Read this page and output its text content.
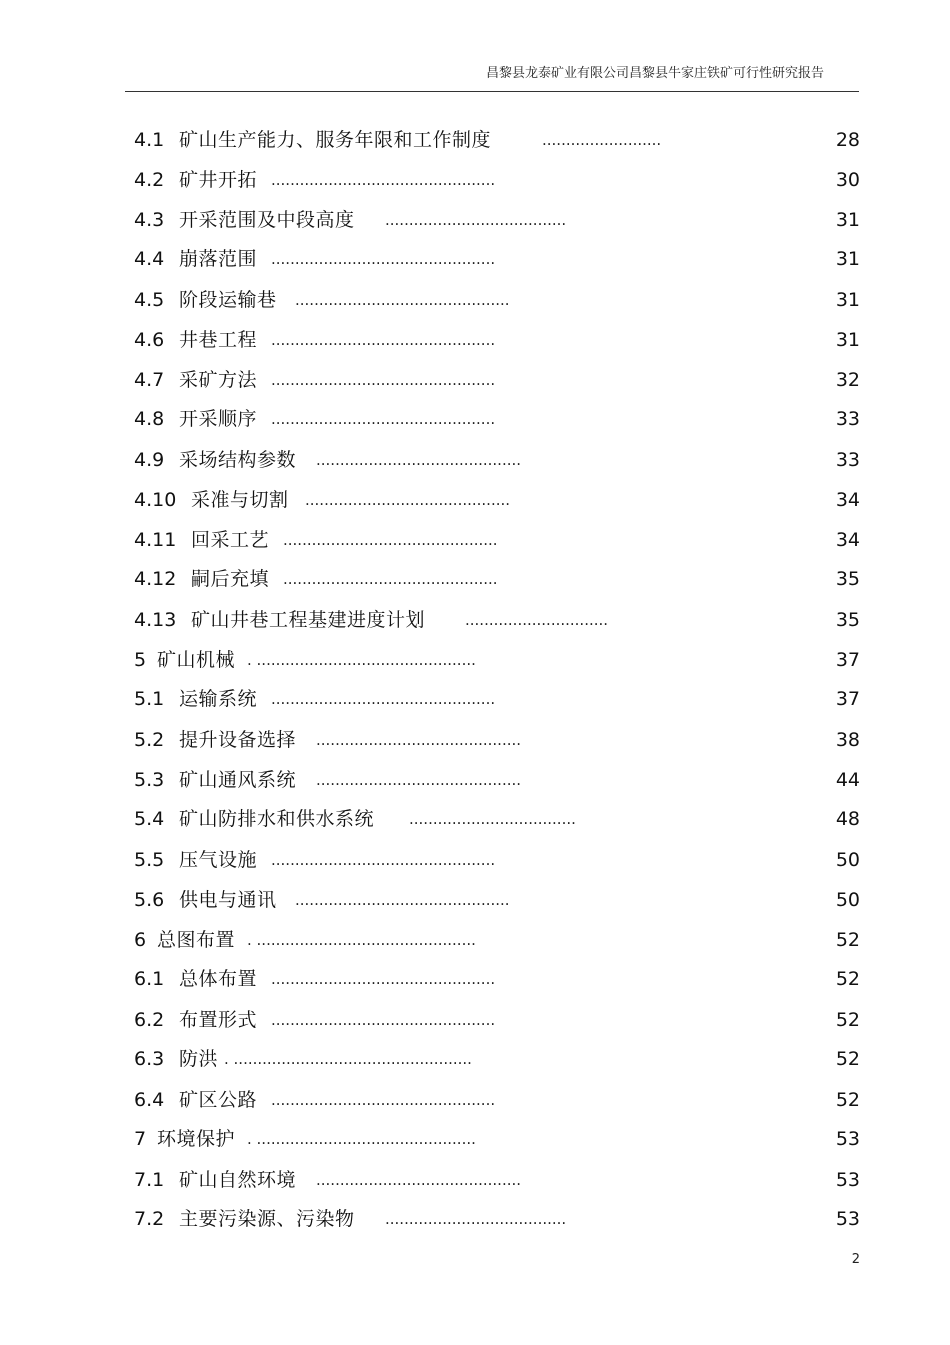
昌黎县龙泰矿业有限公司昌黎县牛家庄铁矿可行性研究报告
4.1 矿山生产能力、服务年限和工作制度	.........................	28
4.2 矿井开拓 ...............................................	30
4.3 开采范围及中段高度 ......................................	31
4.4 崩落范围 ...............................................	31
4.5 阶段运输巷 .............................................	31
4.6 井巷工程 ...............................................	31
4.7 采矿方法 ...............................................	32
4.8 开采顺序 ...............................................	33
4.9 采场结构参数 ...........................................	33
4.10 采准与切割 ...........................................	34
4.11 回采工艺 .............................................	34
4.12 嗣后充填 .............................................	35
4.13 矿山井巷工程基建进度计划	..............................	35
5 矿山机械 . ..............................................	37
5.1 运输系统 ...............................................	37
5.2 提升设备选择 ...........................................	38
5.3 矿山通风系统 ...........................................	44
5.4 矿山防排水和供水系统 ...................................	48
5.5 压气设施 ...............................................	50
5.6 供电与通讯 .............................................	50
6 总图布置 . ..............................................	52
6.1 总体布置 ...............................................	52
6.2 布置形式 ...............................................	52
6.3 防洪 . ..................................................	52
6.4 矿区公路 ...............................................	52
7 环境保护 . ..............................................	53
7.1 矿山自然环境 ...........................................	53
7.2 主要污染源、污染物 ......................................	53
2
